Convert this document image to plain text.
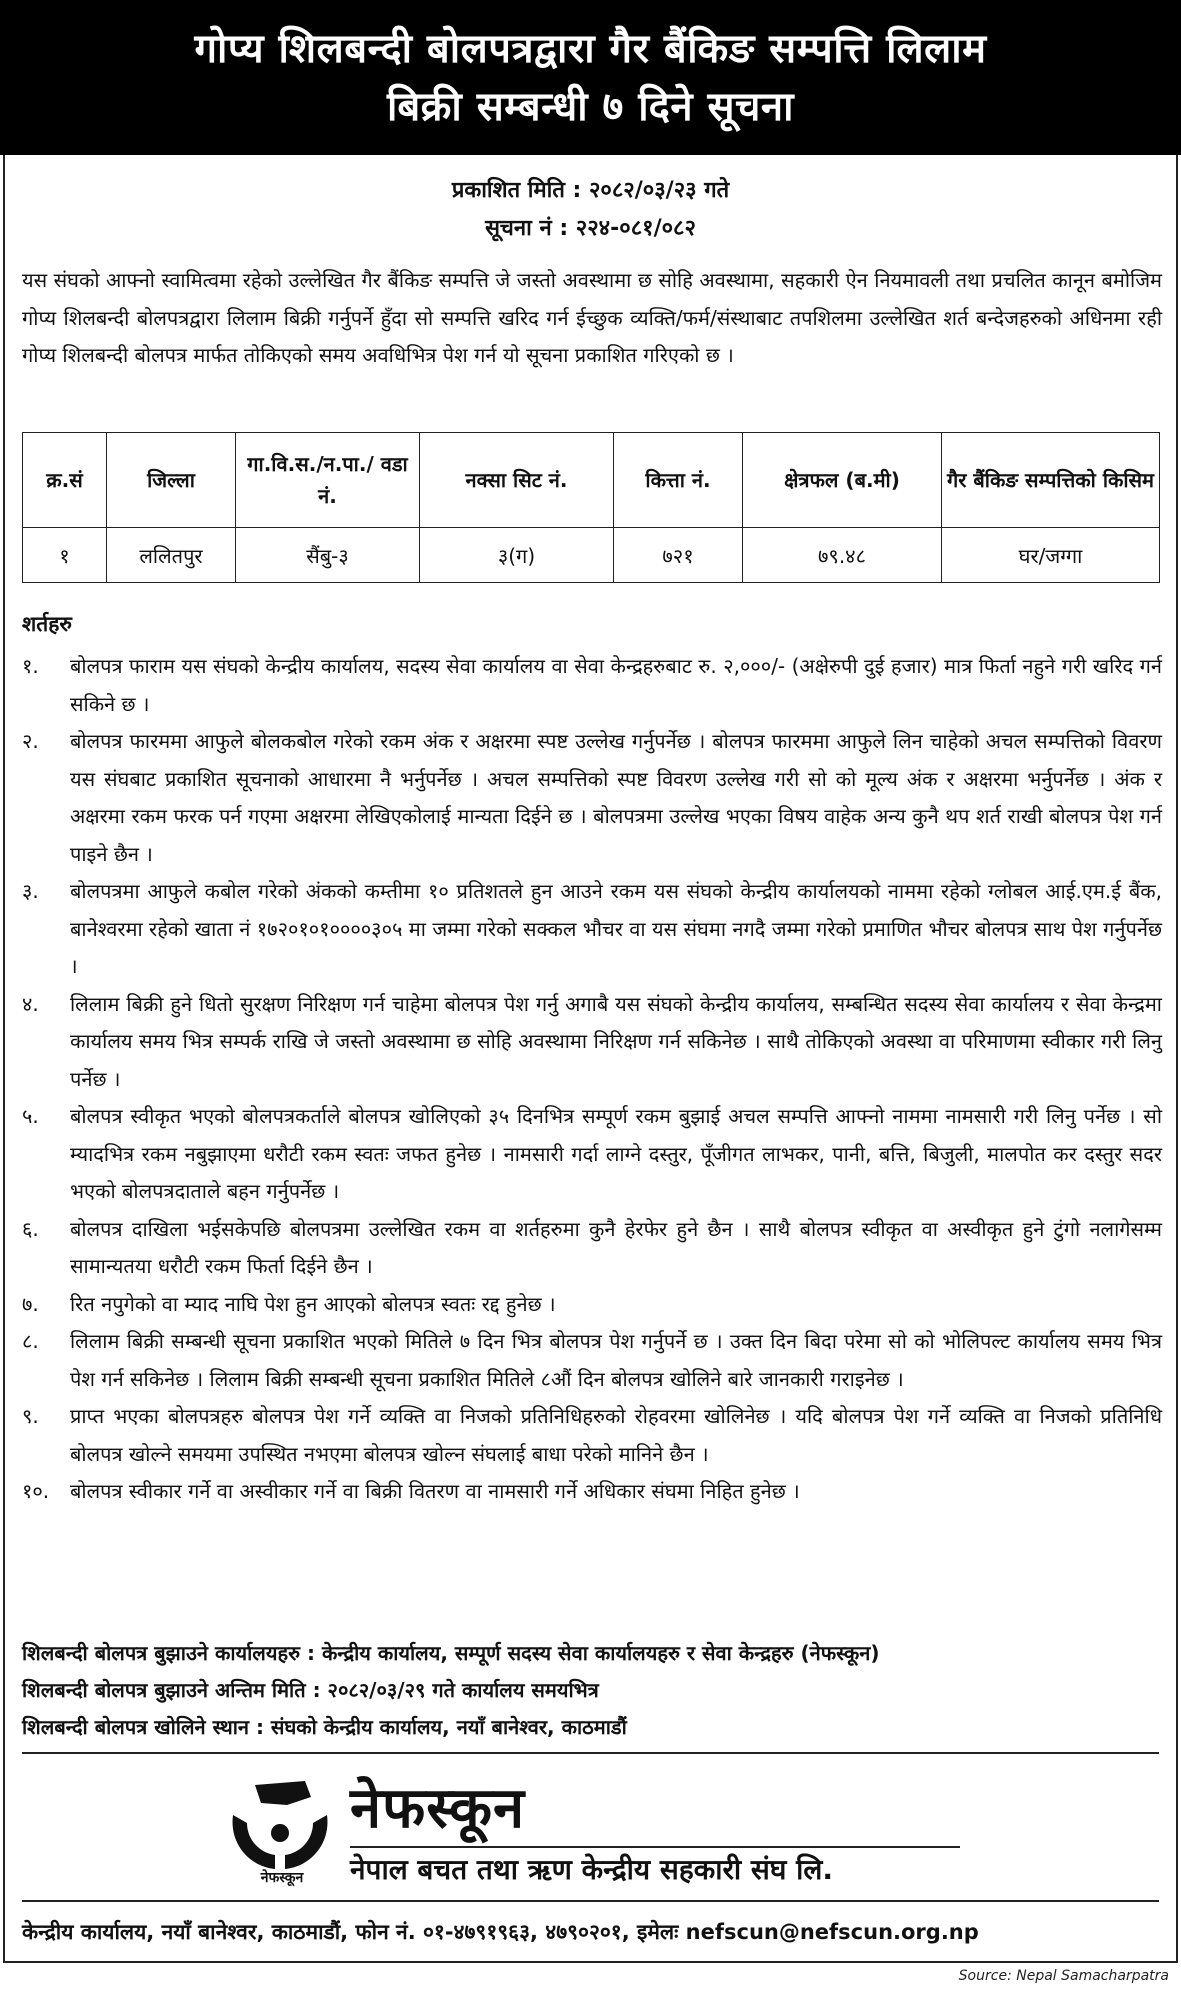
गोप्य शिलबन्दी बोलपत्रद्वारा गैर बैंकिङ सम्पत्ति लिलाम
बिक्री सम्बन्धी ७ दिने सूचना
प्रकाशित मिति : २०८२/०३/२३ गते
सूचना नं : २२४-०८१/०८२
यस संघको आफ्नो स्वामित्वमा रहेको उल्लेखित गैर बैंकिङ सम्पत्ति जे जस्तो अवस्थामा छ सोहि अवस्थामा, सहकारी ऐन नियमावली तथा प्रचलित कानून बमोजिम गोप्य शिलबन्दी बोलपत्रद्वारा लिलाम बिक्री गर्नुपर्ने हुँदा सो सम्पत्ति खरिद गर्न ईच्छुक व्यक्ति/फर्म/संस्थाबाट तपशिलमा उल्लेखित शर्त बन्देजहरुको अधिनमा रही गोप्य शिलबन्दी बोलपत्र मार्फत तोकिएको समय अवधिभित्र पेश गर्न यो सूचना प्रकाशित गरिएको छ ।
क्र.सं	जिल्ला	गा.वि.स./न.पा./ वडा नं.	नक्सा सिट नं.	कित्ता नं.	क्षेत्रफल (ब.मी)	गैर बैंकिङ सम्पत्तिको किसिम
१	ललितपुर	सैंबु-३	३(ग)	७२१	७९.४८	घर/जग्गा
शर्तहरु
१.	बोलपत्र फाराम यस संघको केन्द्रीय कार्यालय, सदस्य सेवा कार्यालय वा सेवा केन्द्रहरुबाट रु. २,०००/- (अक्षेरुपी दुई हजार) मात्र फिर्ता नहुने गरी खरिद गर्न सकिने छ ।
२.	बोलपत्र फारममा आफुले बोलकबोल गरेको रकम अंक र अक्षरमा स्पष्ट उल्लेख गर्नुपर्नेछ । बोलपत्र फारममा आफुले लिन चाहेको अचल सम्पत्तिको विवरण यस संघबाट प्रकाशित सूचनाको आधारमा नै भर्नुपर्नेछ । अचल सम्पत्तिको स्पष्ट विवरण उल्लेख गरी सो को मूल्य अंक र अक्षरमा भर्नुपर्नेछ । अंक र अक्षरमा रकम फरक पर्न गएमा अक्षरमा लेखिएकोलाई मान्यता दिईने छ । बोलपत्रमा उल्लेख भएका विषय वाहेक अन्य कुनै थप शर्त राखी बोलपत्र पेश गर्न पाइने छैन ।
३.	बोलपत्रमा आफुले कबोल गरेको अंकको कम्तीमा १० प्रतिशतले हुन आउने रकम यस संघको केन्द्रीय कार्यालयको नाममा रहेको ग्लोबल आई.एम.ई बैंक, बानेश्वरमा रहेको खाता नं १७२०१०१००००३०५ मा जम्मा गरेको सक्कल भौचर वा यस संघमा नगदै जम्मा गरेको प्रमाणित भौचर बोलपत्र साथ पेश गर्नुपर्नेछ ।
४.	लिलाम बिक्री हुने धितो सुरक्षण निरिक्षण गर्न चाहेमा बोलपत्र पेश गर्नु अगाबै यस संघको केन्द्रीय कार्यालय, सम्बन्धित सदस्य सेवा कार्यालय र सेवा केन्द्रमा कार्यालय समय भित्र सम्पर्क राखि जे जस्तो अवस्थामा छ सोहि अवस्थामा निरिक्षण गर्न सकिनेछ । साथै तोकिएको अवस्था वा परिमाणमा स्वीकार गरी लिनु पर्नेछ ।
५.	बोलपत्र स्वीकृत भएको बोलपत्रकर्ताले बोलपत्र खोलिएको ३५ दिनभित्र सम्पूर्ण रकम बुझाई अचल सम्पत्ति आफ्नो नाममा नामसारी गरी लिनु पर्नेछ । सो म्यादभित्र रकम नबुझाएमा धरौटी रकम स्वतः जफत हुनेछ । नामसारी गर्दा लाग्ने दस्तुर, पूँजीगत लाभकर, पानी, बत्ति, बिजुली, मालपोत कर दस्तुर सदर भएको बोलपत्रदाताले बहन गर्नुपर्नेछ ।
६.	बोलपत्र दाखिला भईसकेपछि बोलपत्रमा उल्लेखित रकम वा शर्तहरुमा कुनै हेरफेर हुने छैन । साथै बोलपत्र स्वीकृत वा अस्वीकृत हुने टुंगो नलागेसम्म सामान्यतया धरौटी रकम फिर्ता दिईने छैन ।
७.	रित नपुगेको वा म्याद नाघि पेश हुन आएको बोलपत्र स्वतः रद्द हुनेछ ।
८.	लिलाम बिक्री सम्बन्धी सूचना प्रकाशित भएको मितिले ७ दिन भित्र बोलपत्र पेश गर्नुपर्ने छ । उक्त दिन बिदा परेमा सो को भोलिपल्ट कार्यालय समय भित्र पेश गर्न सकिनेछ । लिलाम बिक्री सम्बन्धी सूचना प्रकाशित मितिले ८औं दिन बोलपत्र खोलिने बारे जानकारी गराइनेछ ।
९.	प्राप्त भएका बोलपत्रहरु बोलपत्र पेश गर्ने व्यक्ति वा निजको प्रतिनिधिहरुको रोहवरमा खोलिनेछ । यदि बोलपत्र पेश गर्ने व्यक्ति वा निजको प्रतिनिधि बोलपत्र खोल्ने समयमा उपस्थित नभएमा बोलपत्र खोल्न संघलाई बाधा परेको मानिने छैन ।
१०.	बोलपत्र स्वीकार गर्ने वा अस्वीकार गर्ने वा बिक्री वितरण वा नामसारी गर्ने अधिकार संघमा निहित हुनेछ ।
शिलबन्दी बोलपत्र बुझाउने कार्यालयहरु : केन्द्रीय कार्यालय, सम्पूर्ण सदस्य सेवा कार्यालयहरु र सेवा केन्द्रहरु (नेफस्कून)
शिलबन्दी बोलपत्र बुझाउने अन्तिम मिति : २०८२/०३/२९ गते कार्यालय समयभित्र
शिलबन्दी बोलपत्र खोलिने स्थान : संघको केन्द्रीय कार्यालय, नयाँ बानेश्वर, काठमाडौं
नेफस्कून
नेफस्कून
नेपाल बचत तथा ऋण केन्द्रीय सहकारी संघ लि.
केन्द्रीय कार्यालय, नयाँ बानेश्वर, काठमाडौं, फोन नं. ०१-४७९१९६३, ४७९०२०१, इमेलः nefscun@nefscun.org.np
Source: Nepal Samacharpatra
